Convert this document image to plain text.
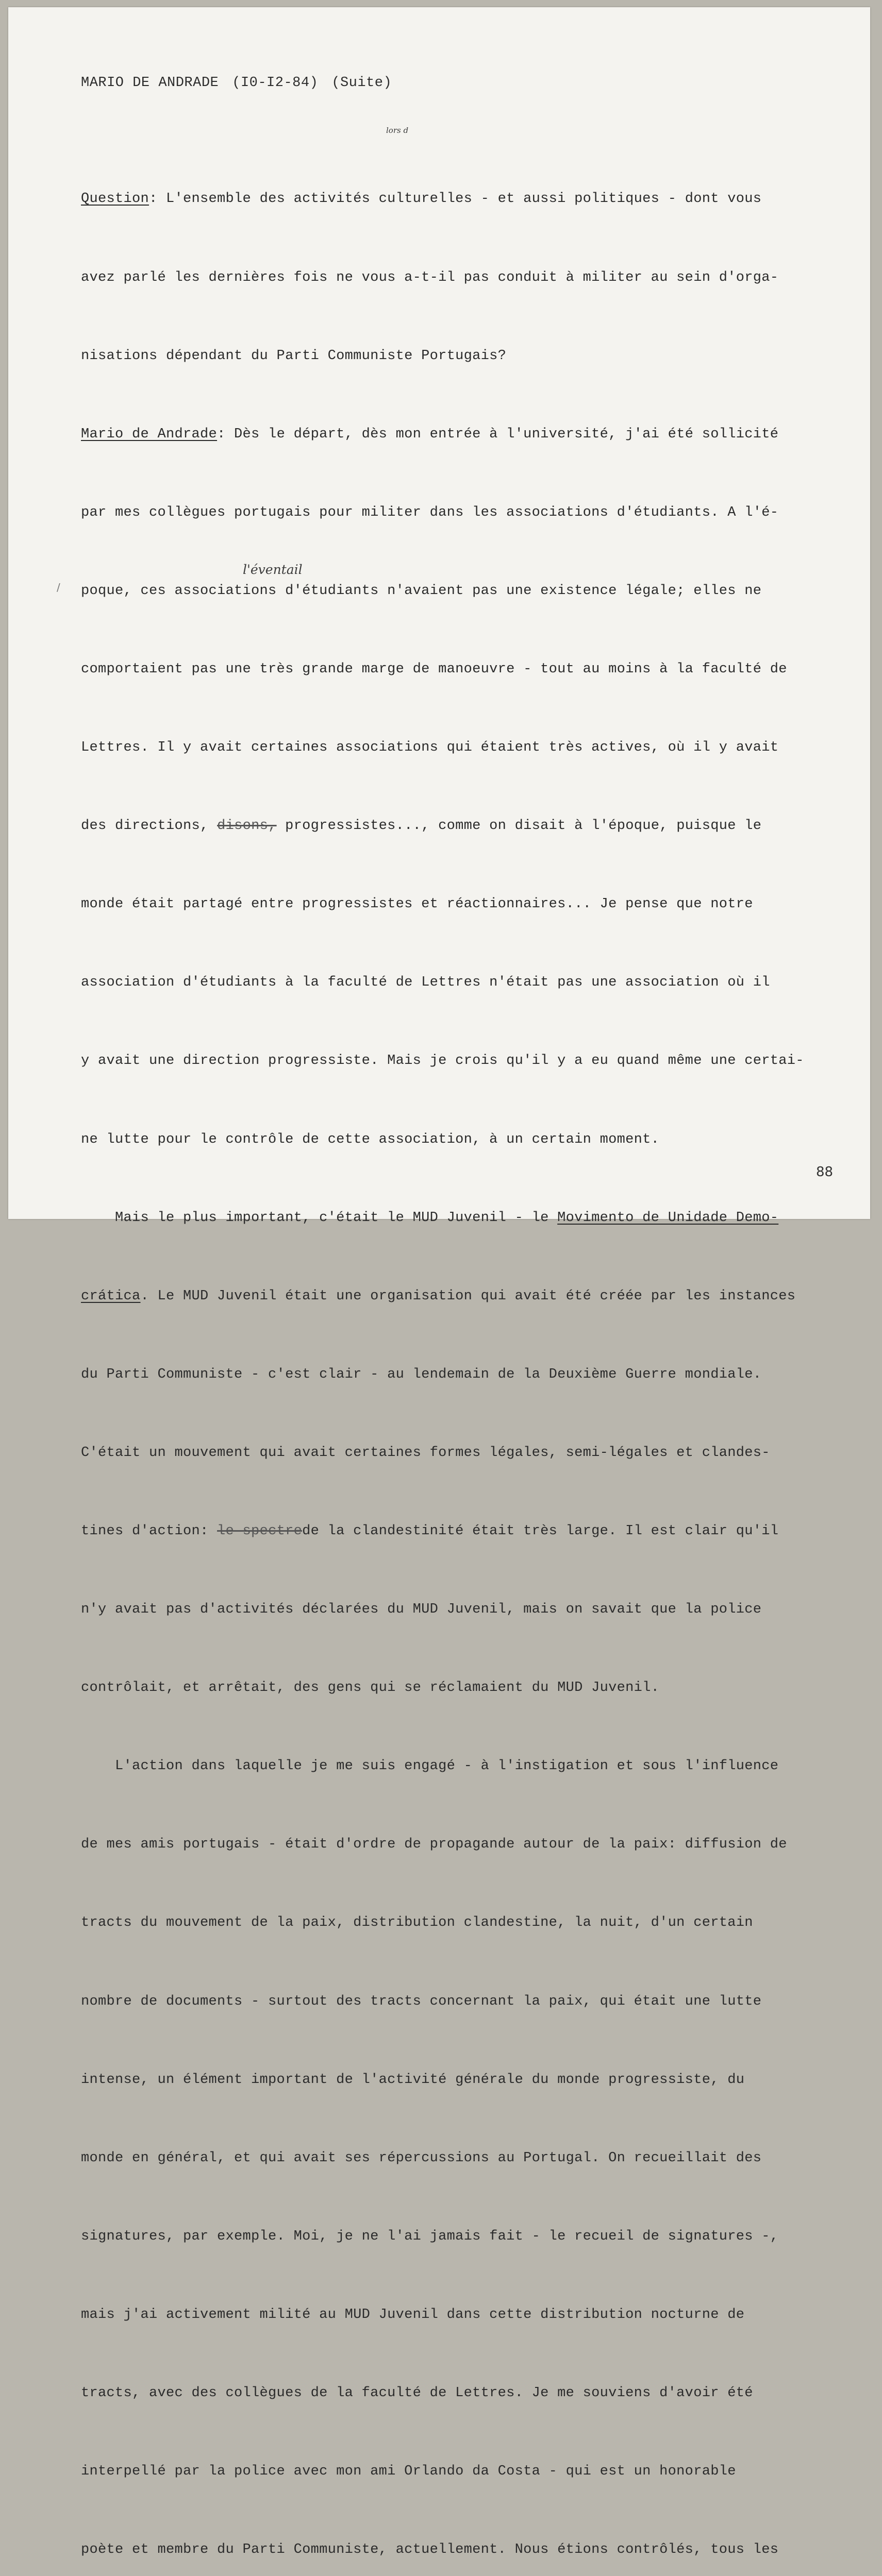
MARIO DE ANDRADE (I0-I2-84) (Suite)
lors d
l'éventail
/

Question: L'ensemble des activités culturelles - et aussi politiques - dont vous

avez parlé les dernières fois ne vous a-t-il pas conduit à militer au sein d'orga-

nisations dépendant du Parti Communiste Portugais?

Mario de Andrade: Dès le départ, dès mon entrée à l'université, j'ai été sollicité

par mes collègues portugais pour militer dans les associations d'étudiants. A l'é-

poque, ces associations d'étudiants n'avaient pas une existence légale; elles ne

comportaient pas une très grande marge de manoeuvre - tout au moins à la faculté de

Lettres. Il y avait certaines associations qui étaient très actives, où il y avait

des directions, disons, progressistes..., comme on disait à l'époque, puisque le

monde était partagé entre progressistes et réactionnaires... Je pense que notre

association d'étudiants à la faculté de Lettres n'était pas une association où il

y avait une direction progressiste. Mais je crois qu'il y a eu quand même une certai-

ne lutte pour le contrôle de cette association, à un certain moment.

Mais le plus important, c'était le MUD Juvenil - le Movimento de Unidade Demo-

crática. Le MUD Juvenil était une organisation qui avait été créée par les instances

du Parti Communiste - c'est clair - au lendemain de la Deuxième Guerre mondiale.

C'était un mouvement qui avait certaines formes légales, semi-légales et clandes-

tines d'action: le spectrede la clandestinité était très large. Il est clair qu'il

n'y avait pas d'activités déclarées du MUD Juvenil, mais on savait que la police

contrôlait, et arrêtait, des gens qui se réclamaient du MUD Juvenil.

L'action dans laquelle je me suis engagé - à l'instigation et sous l'influence

de mes amis portugais - était d'ordre de propagande autour de la paix: diffusion de

tracts du mouvement de la paix, distribution clandestine, la nuit, d'un certain

nombre de documents - surtout des tracts concernant la paix, qui était une lutte

intense, un élément important de l'activité générale du monde progressiste, du

monde en général, et qui avait ses répercussions au Portugal. On recueillait des

signatures, par exemple. Moi, je ne l'ai jamais fait - le recueil de signatures -,

mais j'ai activement milité au MUD Juvenil dans cette distribution nocturne de

tracts, avec des collègues de la faculté de Lettres. Je me souviens d'avoir été

interpellé par la police avec mon ami Orlando da Costa - qui est un honorable

poète et membre du Parti Communiste, actuellement. Nous étions contrôlés, tous les

88
